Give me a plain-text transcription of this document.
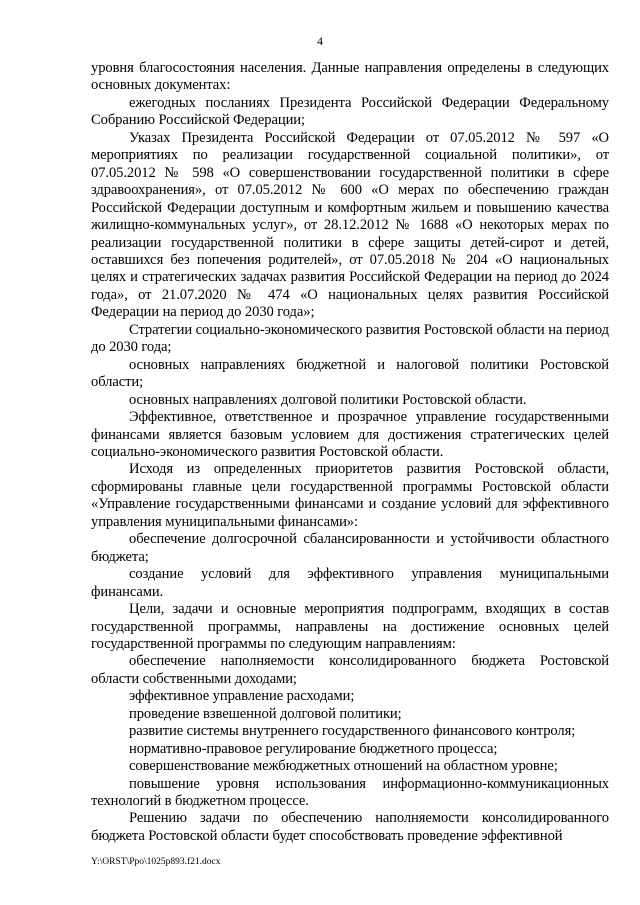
4

уровня благосостояния населения. Данные направления определены в следующих основных документах:

ежегодных посланиях Президента Российской Федерации Федеральному Собранию Российской Федерации;

Указах Президента Российской Федерации от 07.05.2012 № 597 «О мероприятиях по реализации государственной социальной политики», от 07.05.2012 № 598 «О совершенствовании государственной политики в сфере здравоохранения», от 07.05.2012 № 600 «О мерах по обеспечению граждан Российской Федерации доступным и комфортным жильем и повышению качества жилищно-коммунальных услуг», от 28.12.2012 № 1688 «О некоторых мерах по реализации государственной политики в сфере защиты детей-сирот и детей, оставшихся без попечения родителей», от 07.05.2018 № 204 «О национальных целях и стратегических задачах развития Российской Федерации на период до 2024 года», от 21.07.2020 № 474 «О национальных целях развития Российской Федерации на период до 2030 года»;

Стратегии социально-экономического развития Ростовской области на период до 2030 года;

основных направлениях бюджетной и налоговой политики Ростовской области;

основных направлениях долговой политики Ростовской области.

Эффективное, ответственное и прозрачное управление государственными финансами является базовым условием для достижения стратегических целей социально-экономического развития Ростовской области.

Исходя из определенных приоритетов развития Ростовской области, сформированы главные цели государственной программы Ростовской области «Управление государственными финансами и создание условий для эффективного управления муниципальными финансами»:

обеспечение долгосрочной сбалансированности и устойчивости областного бюджета;

создание условий для эффективного управления муниципальными финансами.

Цели, задачи и основные мероприятия подпрограмм, входящих в состав государственной программы, направлены на достижение основных целей государственной программы по следующим направлениям:

обеспечение наполняемости консолидированного бюджета Ростовской области собственными доходами;

эффективное управление расходами;

проведение взвешенной долговой политики;

развитие системы внутреннего государственного финансового контроля;

нормативно-правовое регулирование бюджетного процесса;

совершенствование межбюджетных отношений на областном уровне;

повышение уровня использования информационно-коммуникационных технологий в бюджетном процессе.

Решению задачи по обеспечению наполняемости консолидированного бюджета Ростовской области будет способствовать проведение эффективной

Y:\ORST\Ppo\1025p893.f21.docx
